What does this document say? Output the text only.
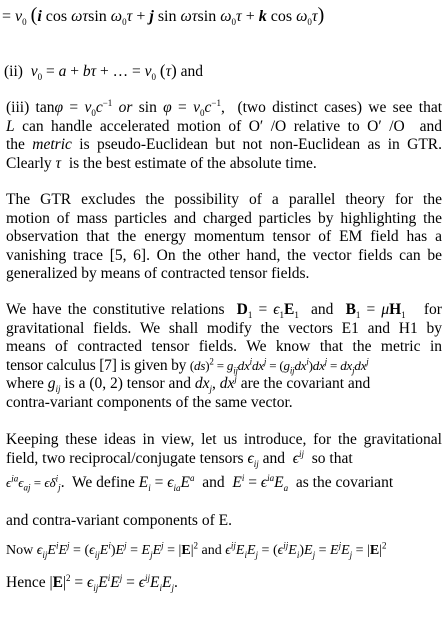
= $v_0$ (i cos ωτsin $\omega_0\tau + j$ sin ωτsin $\omega_0\tau + k$ $\cos \omega_0\tau$)
(ii)  $v_0 = a + b\tau$ + … = $v_0$ (τ) and
(iii) $\tan\varphi = v_0c^{-1}$ or $\sin \varphi = v_0c^{-1}$,  (two distinct cases) we see that
L can handle accelerated motion of O′ /O relative to O′ /O  and
the metric is pseudo-Euclidean but not non-Euclidean as in GTR.
Clearly τ  is the best estimate of the absolute time.
The GTR excludes the possibility of a parallel theory for the
motion of mass particles and charged particles by highlighting the
observation that the energy momentum tensor of EM field has a
vanishing trace [5, 6]. On the other hand, the vector fields can be
generalized by means of contracted tensor fields.
We have the constitutive relations  $D_1 = \epsilon_1E_1$  and  $B_1 = \mu H_1$   for
gravitational fields. We shall modify the vectors E1 and H1 by
means of contracted tensor fields. We know that the metric in
tensor calculus [7] is given by $(ds)^2 = g_{ij}dx^idx^j = (g_{ij}dx^i)dx^j = dx_jdx^j$
where $g_{ij}$ is a (0, 2) tensor and $dx_j$, $dx^j$ are the covariant and
contra-variant components of the same vector.
Keeping these ideas in view, let us introduce, for the gravitational
field, two reciprocal/conjugate tensors $\epsilon_{ij}$ and  $\epsilon^{ij}$  so that
$\epsilon^{ia}\epsilon_{aj} = \epsilon\delta^i_j$.  We define $E_i = \epsilon_{ia}E^a$  and  $E^i = \epsilon^{ia}E_a$  as the covariant
and contra-variant components of E.
Now $\epsilon_{ij}E^iE^j = (\epsilon_{ij}E^i)E^j = E_jE^j = |E|^2$ and $\epsilon^{ij}E_iE_j = (\epsilon^{ij}E_i)E_j = E^jE_j = |E|^2$
Hence $|E|^2 = \epsilon_{ij}E^iE^j = \epsilon^{ij}E_iE_j$.
